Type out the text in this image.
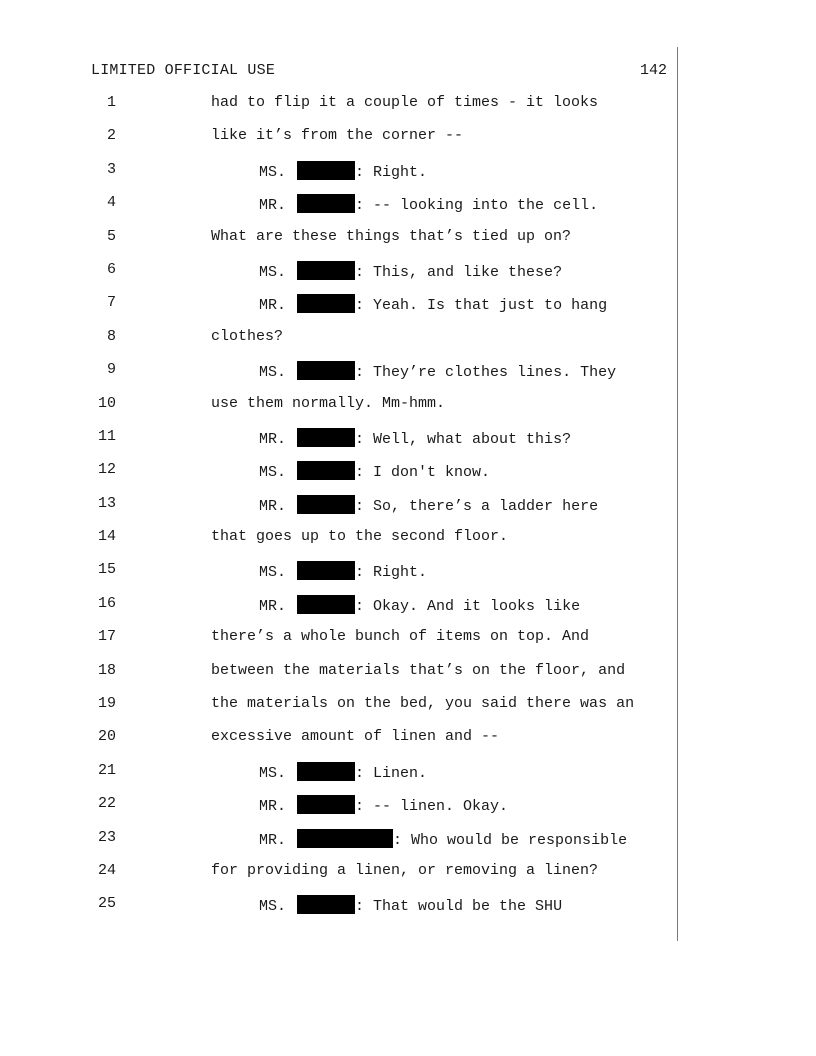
LIMITED OFFICIAL USE	142
1	had to flip it a couple of times - it looks
2	like it’s from the corner --
3	MS.	: Right.
4	MR.	: -- looking into the cell.
5	What are these things that’s tied up on?
6	MS.	: This, and like these?
7	MR.	: Yeah. Is that just to hang
8	clothes?
9	MS.	: They’re clothes lines. They
10	use them normally. Mm-hmm.
11	MR.	: Well, what about this?
12	MS.	: I don't know.
13	MR.	: So, there’s a ladder here
14	that goes up to the second floor.
15	MS.	: Right.
16	MR.	: Okay. And it looks like
17	there’s a whole bunch of items on top. And
18	between the materials that’s on the floor, and
19	the materials on the bed, you said there was an
20	excessive amount of linen and --
21	MS.	: Linen.
22	MR.	: -- linen. Okay.
23	MR.	: Who would be responsible
24	for providing a linen, or removing a linen?
25	MS.	: That would be the SHU
